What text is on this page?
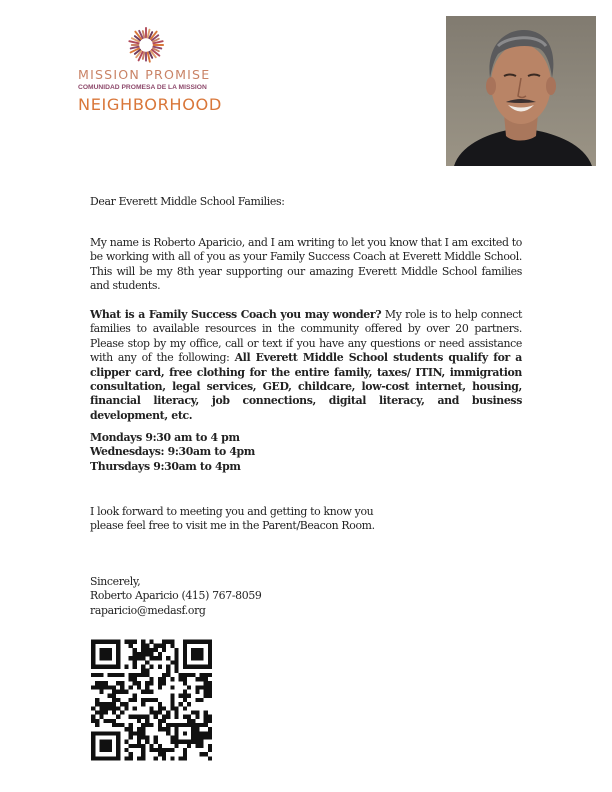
MISSION PROMISE
COMUNIDAD PROMESA DE LA MISSION
NEIGHBORHOOD
Dear Everett Middle School Families:
My name is Roberto Aparicio, and I am writing to let you know that I am excited to be working with all of you as your Family Success Coach at Everett Middle School. This will be my 8th year supporting our amazing Everett Middle School families and students.
What is a Family Success Coach you may wonder? My role is to help connect families to available resources in the community offered by over 20 partners. Please stop by my office, call or text if you have any questions or need assistance with any of the following: All Everett Middle School students qualify for a clipper card, free clothing for the entire family, taxes/ ITIN, immigration consultation, legal services, GED, childcare, low-cost internet, housing, financial literacy, job connections, digital literacy, and business development, etc.
Mondays 9:30 am to 4 pm
Wednesdays: 9:30am to 4pm
Thursdays 9:30am to 4pm
I look forward to meeting you and getting to know you
please feel free to visit me in the Parent/Beacon Room.
Sincerely,
Roberto Aparicio (415) 767-8059
raparicio@medasf.org
